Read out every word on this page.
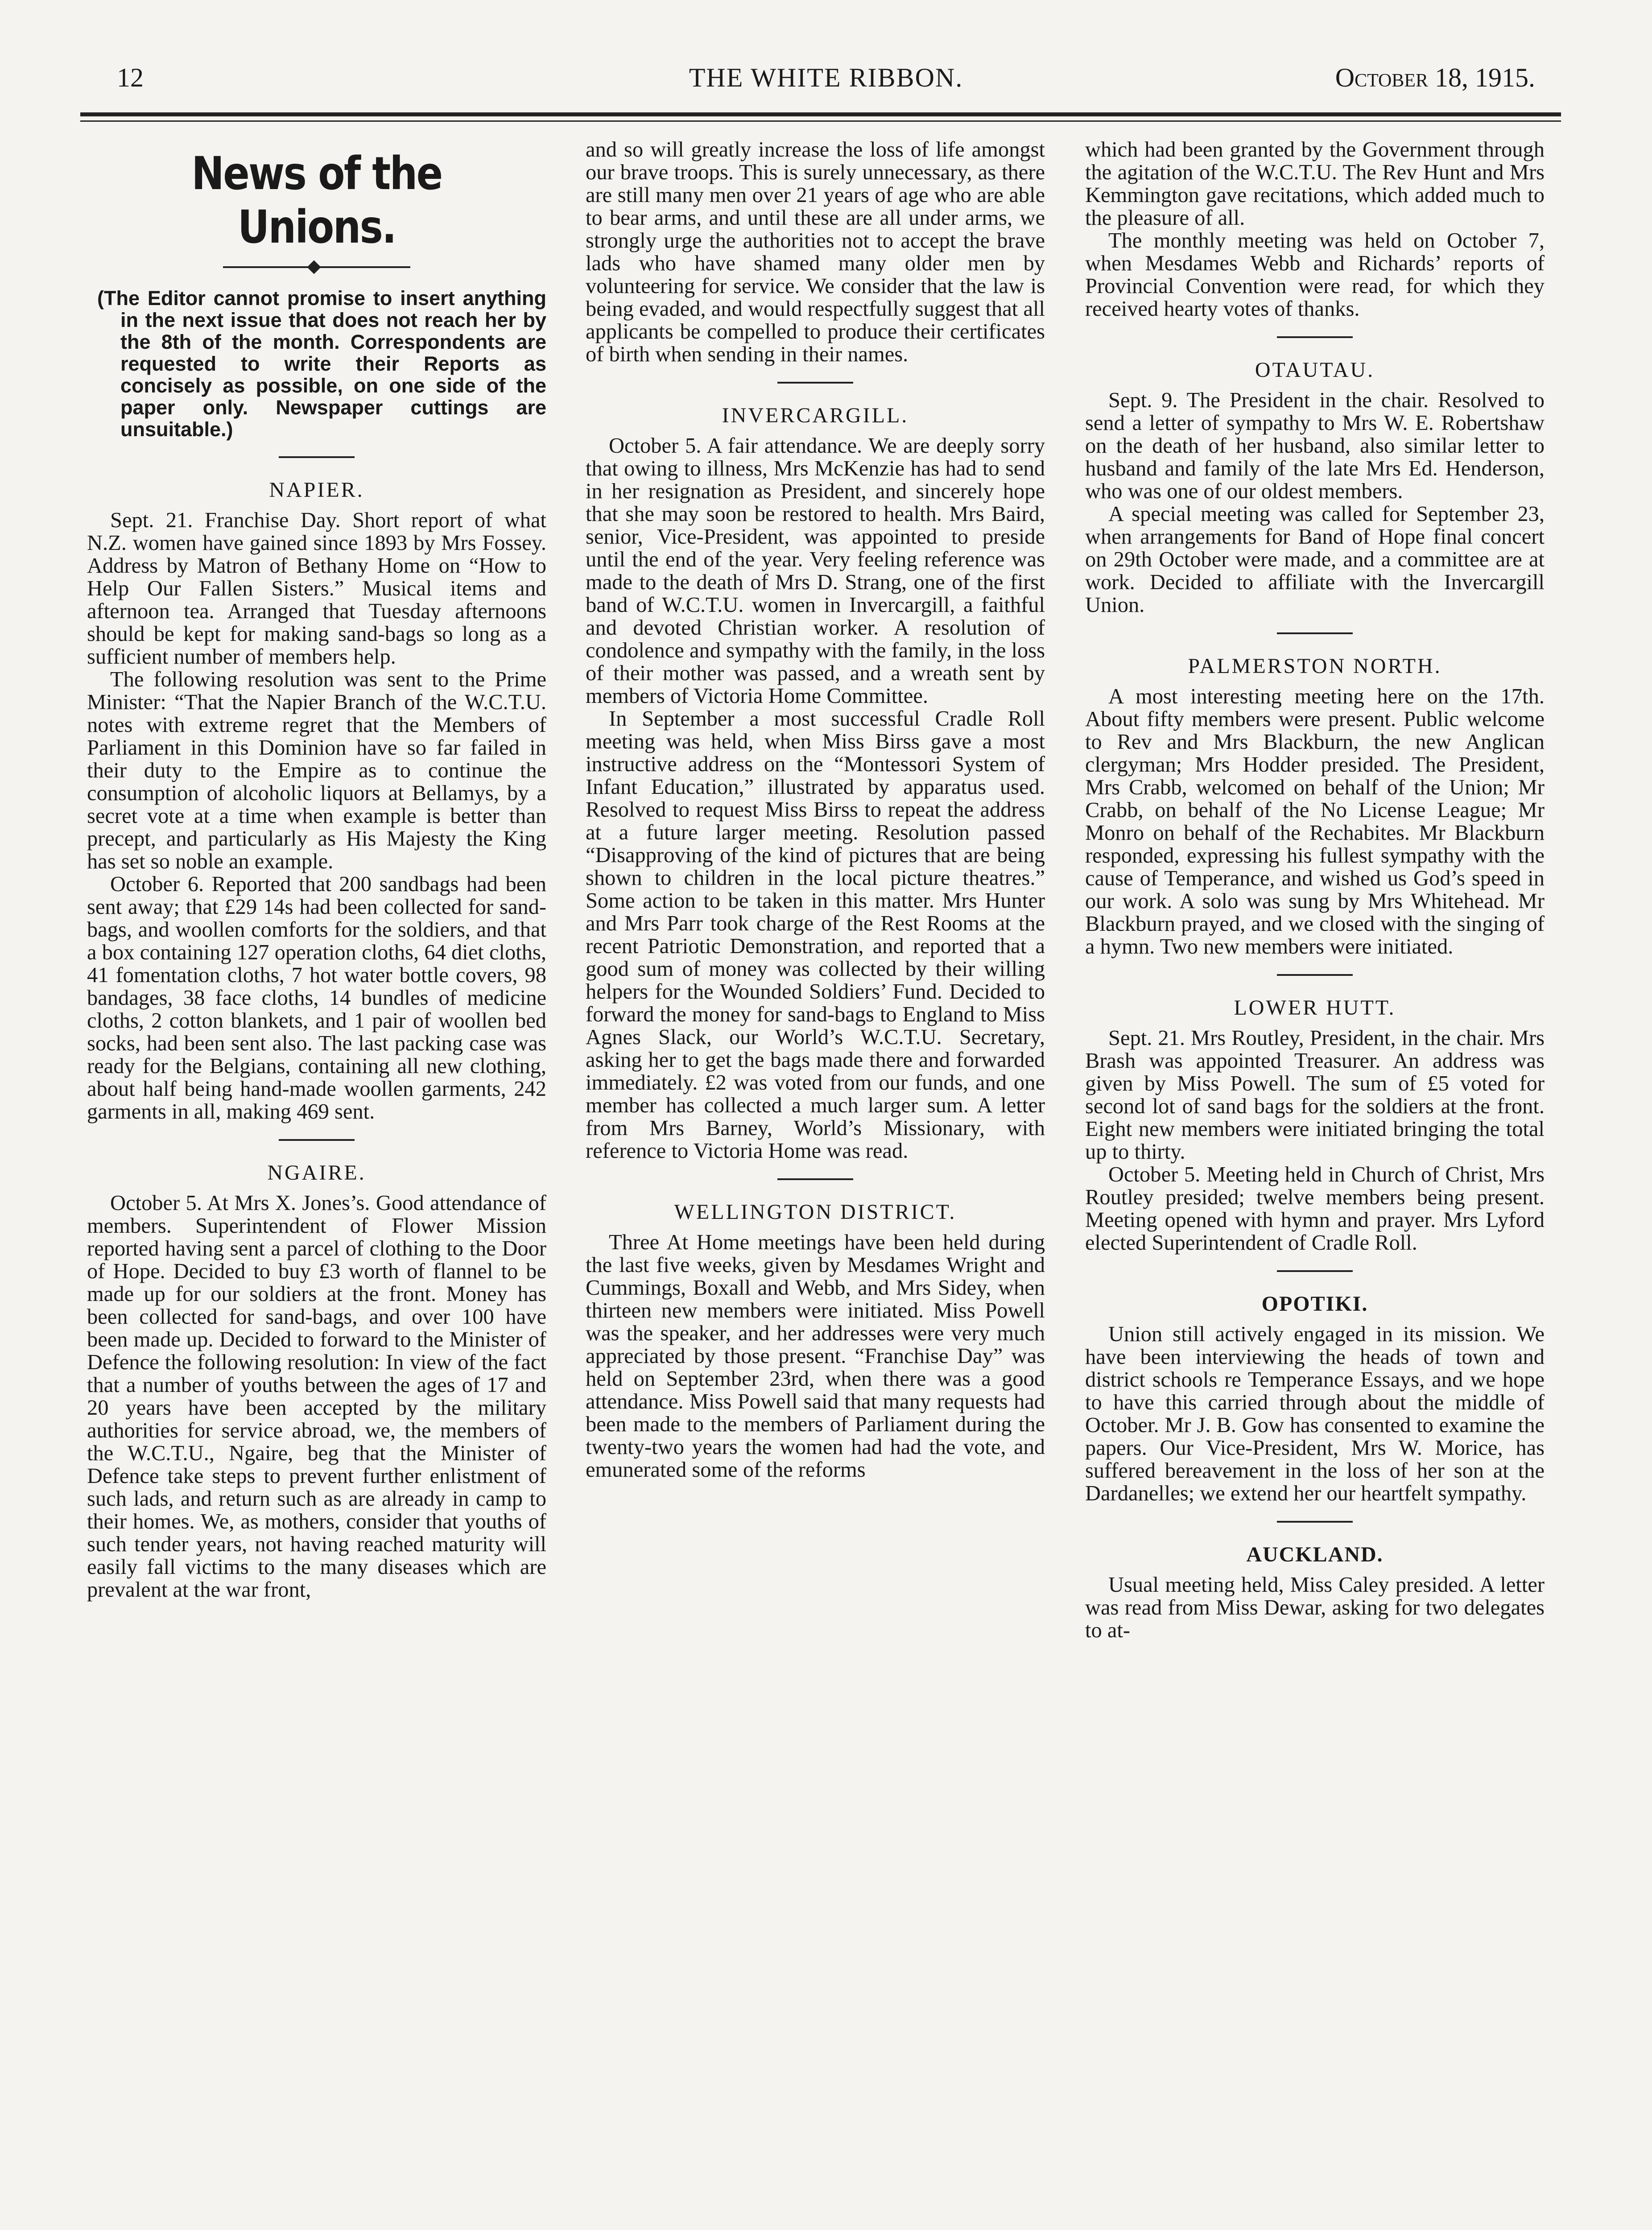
12	THE WHITE RIBBON.	October 18, 1915.
News of the Unions.
(The Editor cannot promise to insert anything in the next issue that does not reach her by the 8th of the month. Correspondents are requested to write their Reports as concisely as possible, on one side of the paper only. Newspaper cuttings are unsuitable.)
NAPIER.

Sept. 21. Franchise Day. Short report of what N.Z. women have gained since 1893 by Mrs Fossey. Address by Matron of Bethany Home on “How to Help Our Fallen Sisters.” Musical items and afternoon tea. Arranged that Tuesday afternoons should be kept for making sand-bags so long as a sufficient number of members help.

The following resolution was sent to the Prime Minister: “That the Napier Branch of the W.C.T.U. notes with extreme regret that the Members of Parliament in this Dominion have so far failed in their duty to the Empire as to continue the consumption of alcoholic liquors at Bellamys, by a secret vote at a time when example is better than precept, and particularly as His Majesty the King has set so noble an example.

October 6. Reported that 200 sandbags had been sent away; that £29 14s had been collected for sand-bags, and woollen comforts for the soldiers, and that a box containing 127 operation cloths, 64 diet cloths, 41 fomentation cloths, 7 hot water bottle covers, 98 bandages, 38 face cloths, 14 bundles of medicine cloths, 2 cotton blankets, and 1 pair of woollen bed socks, had been sent also. The last packing case was ready for the Belgians, containing all new clothing, about half being hand-made woollen garments, 242 garments in all, making 469 sent.

NGAIRE.

October 5. At Mrs X. Jones’s. Good attendance of members. Superintendent of Flower Mission reported having sent a parcel of clothing to the Door of Hope. Decided to buy £3 worth of flannel to be made up for our soldiers at the front. Money has been collected for sand-bags, and over 100 have been made up. Decided to forward to the Minister of Defence the following resolution: In view of the fact that a number of youths between the ages of 17 and 20 years have been accepted by the military authorities for service abroad, we, the members of the W.C.T.U., Ngaire, beg that the Minister of Defence take steps to prevent further enlistment of such lads, and return such as are already in camp to their homes. We, as mothers, consider that youths of such tender years, not having reached maturity will easily fall victims to the many diseases which are prevalent at the war front,

and so will greatly increase the loss of life amongst our brave troops. This is surely unnecessary, as there are still many men over 21 years of age who are able to bear arms, and until these are all under arms, we strongly urge the authorities not to accept the brave lads who have shamed many older men by volunteering for service. We consider that the law is being evaded, and would respectfully suggest that all applicants be compelled to produce their certificates of birth when sending in their names.

INVERCARGILL.

October 5. A fair attendance. We are deeply sorry that owing to illness, Mrs McKenzie has had to send in her resignation as President, and sincerely hope that she may soon be restored to health. Mrs Baird, senior, Vice-President, was appointed to preside until the end of the year. Very feeling reference was made to the death of Mrs D. Strang, one of the first band of W.C.T.U. women in Invercargill, a faithful and devoted Christian worker. A resolution of condolence and sympathy with the family, in the loss of their mother was passed, and a wreath sent by members of Victoria Home Committee.

In September a most successful Cradle Roll meeting was held, when Miss Birss gave a most instructive address on the “Montessori System of Infant Education,” illustrated by apparatus used. Resolved to request Miss Birss to repeat the address at a future larger meeting. Resolution passed “Disapproving of the kind of pictures that are being shown to children in the local picture theatres.” Some action to be taken in this matter. Mrs Hunter and Mrs Parr took charge of the Rest Rooms at the recent Patriotic Demonstration, and reported that a good sum of money was collected by their willing helpers for the Wounded Soldiers’ Fund. Decided to forward the money for sand-bags to England to Miss Agnes Slack, our World’s W.C.T.U. Secretary, asking her to get the bags made there and forwarded immediately. £2 was voted from our funds, and one member has collected a much larger sum. A letter from Mrs Barney, World’s Missionary, with reference to Victoria Home was read.

WELLINGTON DISTRICT.

Three At Home meetings have been held during the last five weeks, given by Mesdames Wright and Cummings, Boxall and Webb, and Mrs Sidey, when thirteen new members were initiated. Miss Powell was the speaker, and her addresses were very much appreciated by those present. “Franchise Day” was held on September 23rd, when there was a good attendance. Miss Powell said that many requests had been made to the members of Parliament during the twenty-two years the women had had the vote, and emunerated some of the reforms

which had been granted by the Government through the agitation of the W.C.T.U. The Rev Hunt and Mrs Kemmington gave recitations, which added much to the pleasure of all.

The monthly meeting was held on October 7, when Mesdames Webb and Richards’ reports of Provincial Convention were read, for which they received hearty votes of thanks.

OTAUTAU.

Sept. 9. The President in the chair. Resolved to send a letter of sympathy to Mrs W. E. Robertshaw on the death of her husband, also similar letter to husband and family of the late Mrs Ed. Henderson, who was one of our oldest members.

A special meeting was called for September 23, when arrangements for Band of Hope final concert on 29th October were made, and a committee are at work. Decided to affiliate with the Invercargill Union.

PALMERSTON NORTH.

A most interesting meeting here on the 17th. About fifty members were present. Public welcome to Rev and Mrs Blackburn, the new Anglican clergyman; Mrs Hodder presided. The President, Mrs Crabb, welcomed on behalf of the Union; Mr Crabb, on behalf of the No License League; Mr Monro on behalf of the Rechabites. Mr Blackburn responded, expressing his fullest sympathy with the cause of Temperance, and wished us God’s speed in our work. A solo was sung by Mrs Whitehead. Mr Blackburn prayed, and we closed with the singing of a hymn. Two new members were initiated.

LOWER HUTT.

Sept. 21. Mrs Routley, President, in the chair. Mrs Brash was appointed Treasurer. An address was given by Miss Powell. The sum of £5 voted for second lot of sand bags for the soldiers at the front. Eight new members were initiated bringing the total up to thirty.

October 5. Meeting held in Church of Christ, Mrs Routley presided; twelve members being present. Meeting opened with hymn and prayer. Mrs Lyford elected Superintendent of Cradle Roll.

OPOTIKI.

Union still actively engaged in its mission. We have been interviewing the heads of town and district schools re Temperance Essays, and we hope to have this carried through about the middle of October. Mr J. B. Gow has consented to examine the papers. Our Vice-President, Mrs W. Morice, has suffered bereavement in the loss of her son at the Dardanelles; we extend her our heartfelt sympathy.

AUCKLAND.

Usual meeting held, Miss Caley presided. A letter was read from Miss Dewar, asking for two delegates to at-
